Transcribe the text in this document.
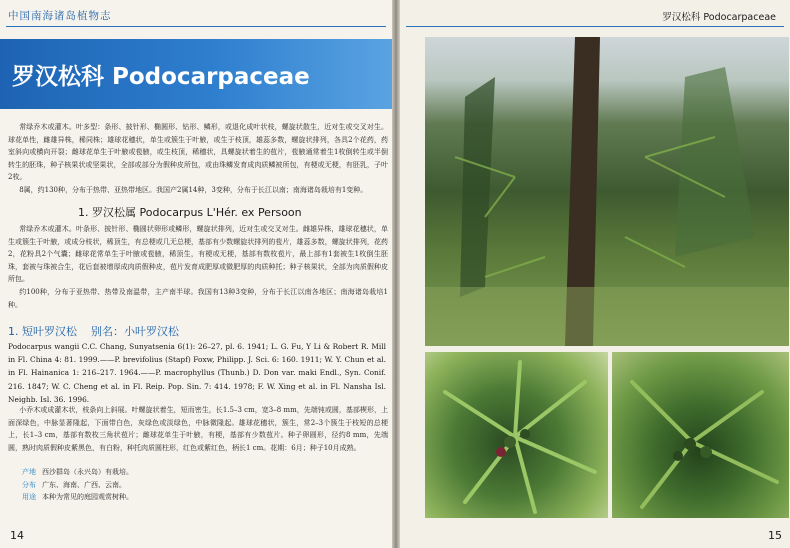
中国南海诸岛植物志
罗汉松科 Podocarpaceae

常绿乔木或灌木。叶多型：条形、披针形、椭圆形、钻形、鳞形，或退化成叶状枝，螺旋状散生，近对生或交叉对生。球花单性，雌雄异株，稀同株；雄球花穗状，单生或簇生于叶腋，或生于枝顶，雄蕊多数，螺旋状排列，各具2个花药，药室斜向或横向开裂；雌球花单生于叶腋或苞腋，或生枝顶，稀穗状，具螺旋状着生的苞片，苞腋通常着生1枚倒转生或半倒转生的胚珠，种子核果状或坚果状，全部或部分为假种皮所包，或由珠鳞发育成肉质鳞被所包，有梗或无梗，有胚乳，子叶2枚。

8属，约130种，分布于热带、亚热带地区。我国产2属14种，3变种，分布于长江以南；南海诸岛栽培有1变种。

1. 罗汉松属 Podocarpus L'Hér. ex Persoon

常绿乔木或灌木。叶条形、披针形、椭圆状卵形或鳞形，螺旋状排列，近对生或交叉对生。雌雄异株，雄球花穗状，单生或簇生于叶腋，或成分枝状，稀顶生，有总梗或几无总梗，基部有少数螺旋状排列的苞片，雄蕊多数，螺旋状排列，花药2，花粉具2个气囊；雌球花常单生于叶腋或苞腋，稀顶生，有梗或无梗，基部有数枚苞片，最上部有1套被生1枚倒生胚珠，套被与珠被合生，花后套被增厚成肉质假种皮，苞片发育成肥厚或微肥厚的肉质种托；种子核果状，全部为肉质假种皮所包。

约100种，分布于亚热带、热带及南温带，主产南半球。我国有13种3变种，分布于长江以南各地区；南海诸岛栽培1种。

1. 短叶罗汉松 别名：小叶罗汉松
Podocarpus wangii C.C. Chang, Sunyatsenia 6(1): 26–27, pl. 6. 1941; L. G. Fu, Y Li & Robert R. Mill in Fl. China 4: 81. 1999.——P. brevifolius (Stapf) Foxw, Philipp. J. Sci. 6: 160. 1911; W. Y. Chun et al. in Fl. Hainanica 1: 216–217. 1964.——P. macrophyllus (Thunb.) D. Don var. maki Endl., Syn. Conif. 216. 1847; W. C. Cheng et al. in Fl. Reip. Pop. Sin. 7: 414. 1978; F. W. Xing et al. in Fl. Nansha Isl. Neighb. Isl. 36. 1996.

小乔木或成灌木状，枝条向上斜展。叶螺旋状着生，短而密生，长1.5–3 cm，宽3–8 mm，先端钝或圆，基部楔形，上面深绿色，中脉显著隆起，下面带白色，灰绿色或淡绿色，中脉微隆起。雄球花穗状，簇生，常2–3个簇生于枝短的总梗上，长1–3 cm，基部有数枚三角状苞片；雌球花单生于叶腋，有梗，基部有少数苞片。种子卵圆形，径约8 mm，先端圆，熟时肉质假种皮紫黑色，有白粉，种托肉质圆柱形，红色或紫红色，柄长1 cm。花期：6月；种子10月成熟。

产地 西沙群岛（永兴岛）有栽培。
分布 广东、海南、广西、云南。
用途 本种为常见的庭园观赏树种。
14
罗汉松科 Podocarpaceae
15
